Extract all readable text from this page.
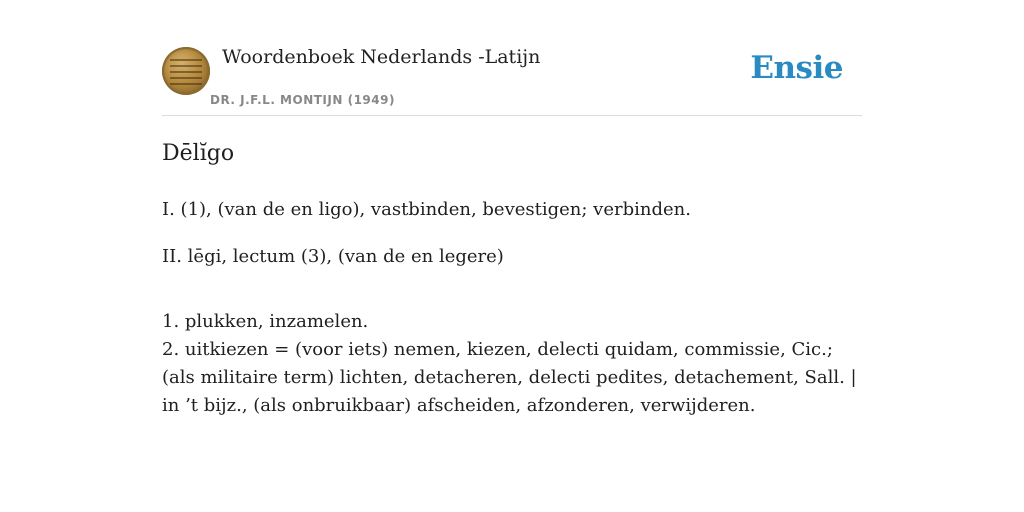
Woordenboek Nederlands -Latijn
DR. J.F.L. MONTIJN (1949)
Ensie
Dēlĭgo

I. (1), (van de en ligo), vastbinden, bevestigen; verbinden.

II. lēgi, lectum (3), (van de en legere)

1. plukken, inzamelen.
2. uitkiezen = (voor iets) nemen, kiezen, delecti quidam, commissie, Cic.; (als militaire term) lichten, detacheren, delecti pedites, detachement, Sall. | in ’t bijz., (als onbruikbaar) afscheiden, afzonderen, verwijderen.
